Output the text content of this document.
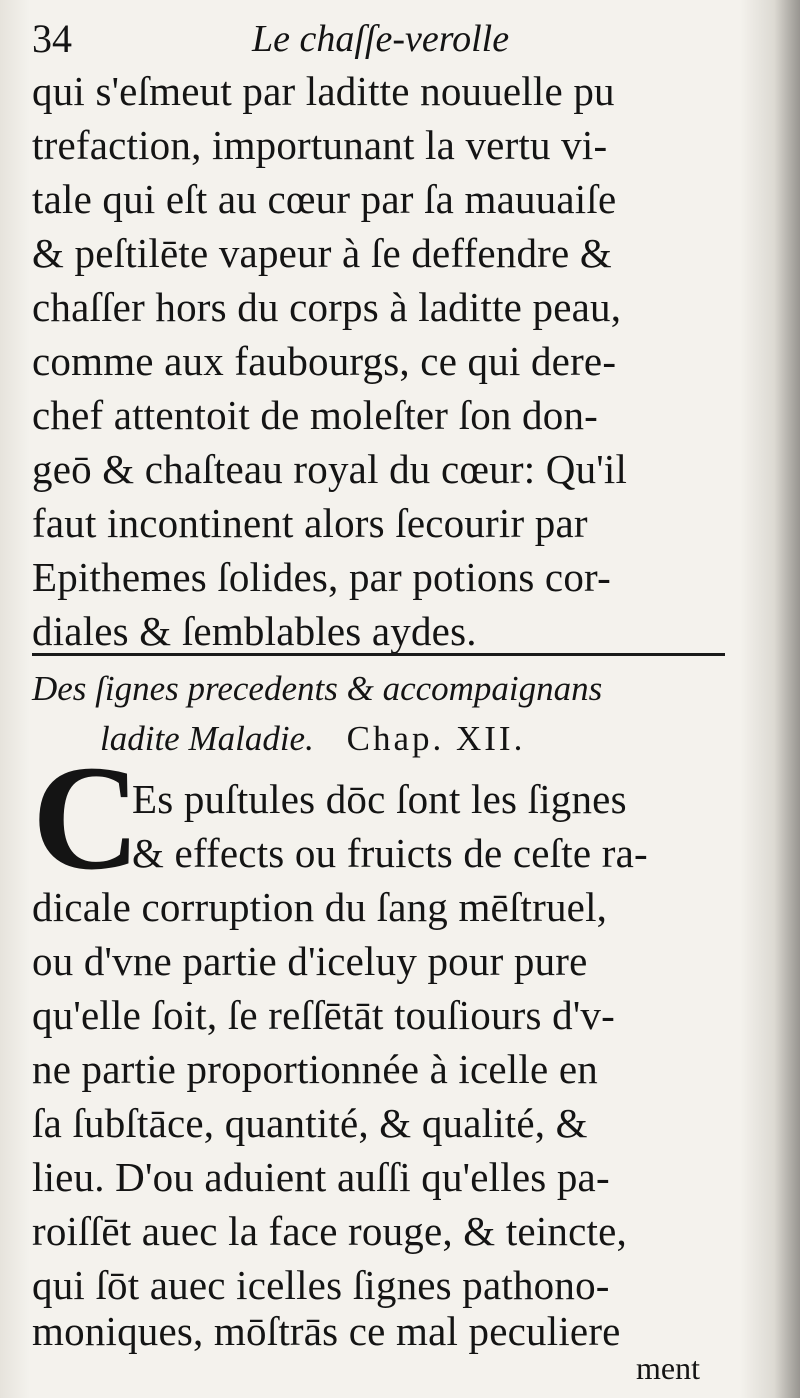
34	Le chaſſe-verolle
qui s'eſmeut par laditte nouuelle pu
trefaction, importunant la vertu vi-
tale qui eſt au cœur par ſa mauuaiſe
& peſtilēte vapeur à ſe deffendre &
chaſſer hors du corps à laditte peau,
comme aux faubourgs, ce qui dere-
chef attentoit de moleſter ſon don-
geō & chaſteau royal du cœur: Qu'il
faut incontinent alors ſecourir par
Epithemes ſolides, par potions cor-
diales & ſemblables aydes.
Des ſignes precedents & accompaignans
ladite Maladie. Chap. XII.
C
Es puſtules dōc ſont les ſignes
& effects ou fruicts de ceſte ra-
dicale corruption du ſang mēſtruel,
ou d'vne partie d'iceluy pour pure
qu'elle ſoit, ſe reſſētāt touſiours d'v-
ne partie proportionnée à icelle en
ſa ſubſtāce, quantité, & qualité, &
lieu. D'ou aduient auſſi qu'elles pa-
roiſſēt auec la face rouge, & teincte,
qui ſōt auec icelles ſignes pathono-
moniques, mōſtrās ce mal peculiere
ment
